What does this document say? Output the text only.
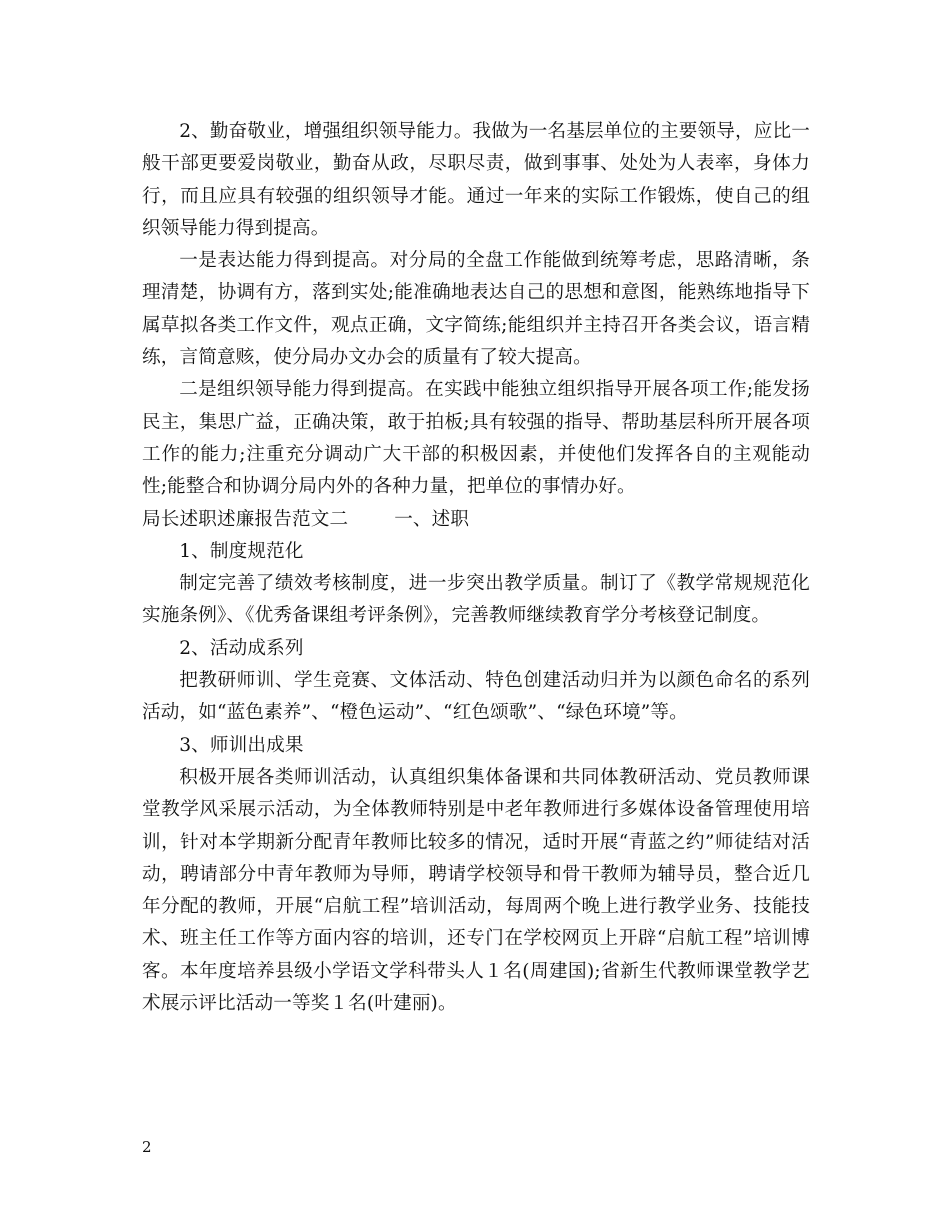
2、勤奋敬业，增强组织领导能力。我做为一名基层单位的主要领导，应比一般干部更要爱岗敬业，勤奋从政，尽职尽责，做到事事、处处为人表率，身体力行，而且应具有较强的组织领导才能。通过一年来的实际工作锻炼，使自己的组织领导能力得到提高。

一是表达能力得到提高。对分局的全盘工作能做到统筹考虑，思路清晰，条理清楚，协调有方，落到实处;能准确地表达自己的思想和意图，能熟练地指导下属草拟各类工作文件，观点正确，文字简练;能组织并主持召开各类会议，语言精练，言简意赅，使分局办文办会的质量有了较大提高。

二是组织领导能力得到提高。在实践中能独立组织指导开展各项工作;能发扬民主，集思广益，正确决策，敢于拍板;具有较强的指导、帮助基层科所开展各项工作的能力;注重充分调动广大干部的积极因素，并使他们发挥各自的主观能动性;能整合和协调分局内外的各种力量，把单位的事情办好。

局长述职述廉报告范文二 一、述职

1、制度规范化

制定完善了绩效考核制度，进一步突出教学质量。制订了《教学常规规范化实施条例》、《优秀备课组考评条例》，完善教师继续教育学分考核登记制度。

2、活动成系列

把教研师训、学生竞赛、文体活动、特色创建活动归并为以颜色命名的系列活动，如“蓝色素养”、“橙色运动”、“红色颂歌”、“绿色环境”等。

3、师训出成果

积极开展各类师训活动，认真组织集体备课和共同体教研活动、党员教师课堂教学风采展示活动，为全体教师特别是中老年教师进行多媒体设备管理使用培训，针对本学期新分配青年教师比较多的情况，适时开展“青蓝之约”师徒结对活动，聘请部分中青年教师为导师，聘请学校领导和骨干教师为辅导员，整合近几年分配的教师，开展“启航工程”培训活动，每周两个晚上进行教学业务、技能技术、班主任工作等方面内容的培训，还专门在学校网页上开辟“启航工程”培训博客。本年度培养县级小学语文学科带头人１名(周建国);省新生代教师课堂教学艺术展示评比活动一等奖１名(叶建丽)。

2
